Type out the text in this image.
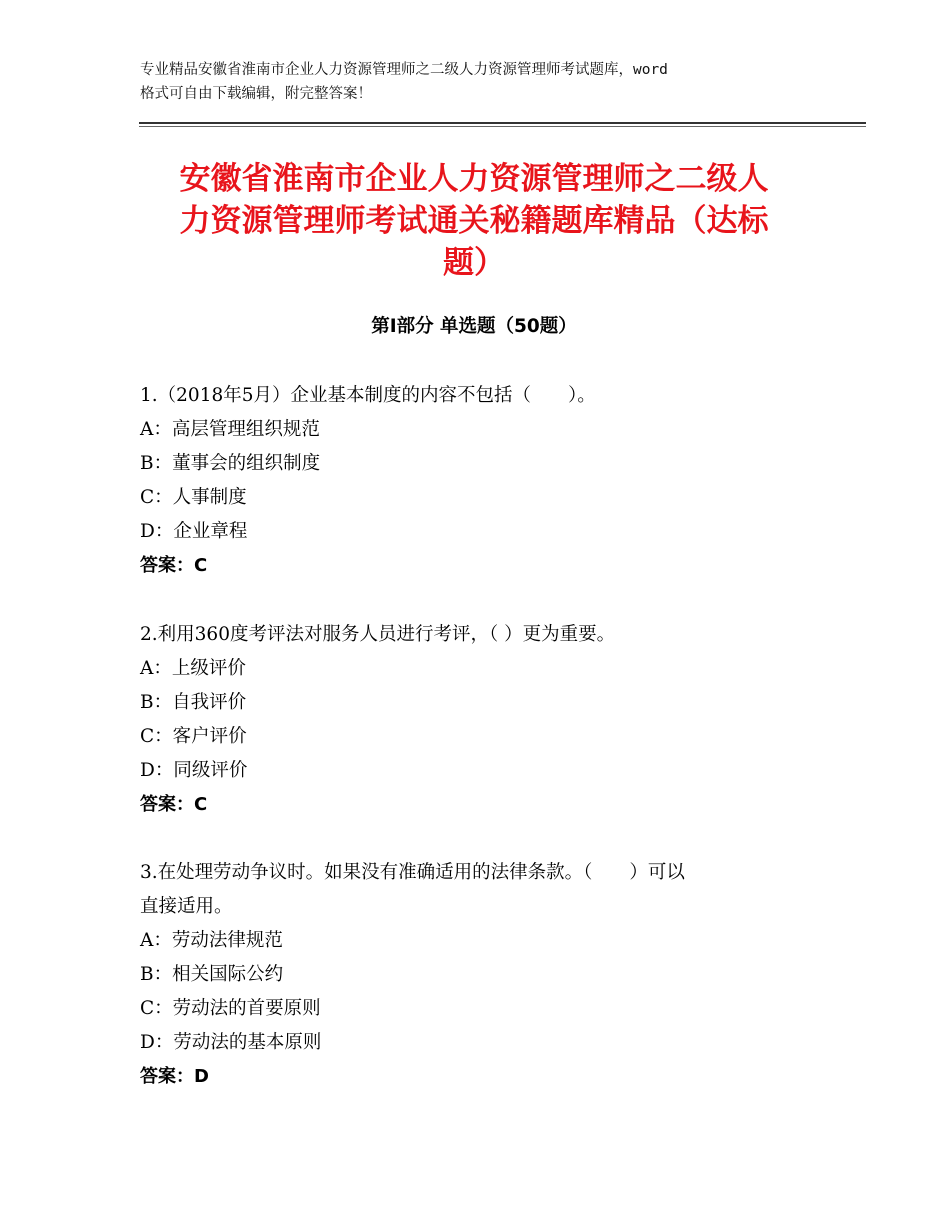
专业精品安徽省淮南市企业人力资源管理师之二级人力资源管理师考试题库，word
格式可自由下载编辑，附完整答案！
安徽省淮南市企业人力资源管理师之二级人
力资源管理师考试通关秘籍题库精品（达标
题）
第Ⅰ部分 单选题（50题）
1.（2018年5月）企业基本制度的内容不包括（　　）。
A：高层管理组织规范
B：董事会的组织制度
C：人事制度
D：企业章程
答案：C
2.利用360度考评法对服务人员进行考评，（ ）更为重要。
A：上级评价
B：自我评价
C：客户评价
D：同级评价
答案：C
3.在处理劳动争议时。如果没有准确适用的法律条款。（　　）可以
直接适用。
A：劳动法律规范
B：相关国际公约
C：劳动法的首要原则
D：劳动法的基本原则
答案：D
